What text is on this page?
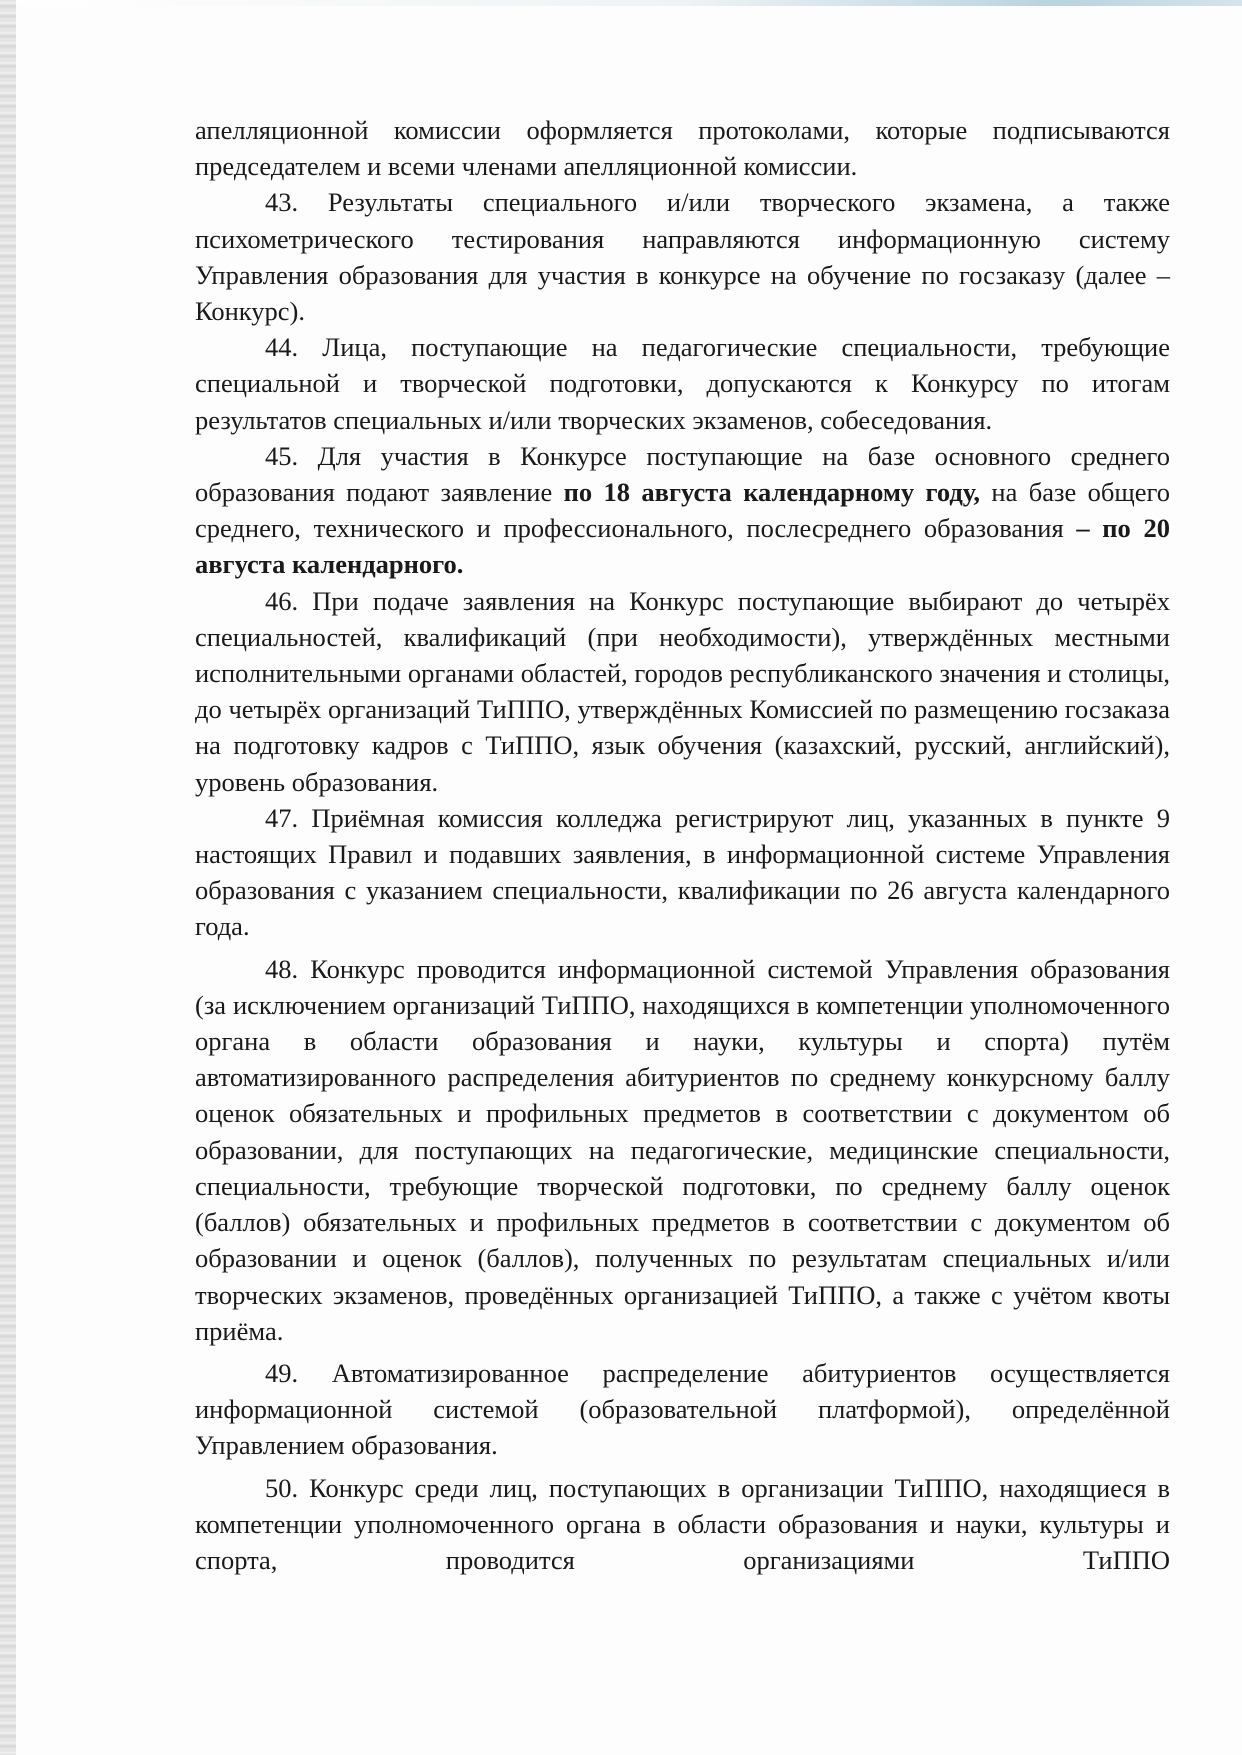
апелляционной комиссии оформляется протоколами, которые подписываются председателем и всеми членами апелляционной комиссии.

43. Результаты специального и/или творческого экзамена, а также психометрического тестирования направляются информационную систему Управления образования для участия в конкурсе на обучение по госзаказу (далее – Конкурс).

44. Лица, поступающие на педагогические специальности, требующие специальной и творческой подготовки, допускаются к Конкурсу по итогам результатов специальных и/или творческих экзаменов, собеседования.

45. Для участия в Конкурсе поступающие на базе основного среднего образования подают заявление по 18 августа календарному году, на базе общего среднего, технического и профессионального, послесреднего образования – по 20 августа календарного.

46. При подаче заявления на Конкурс поступающие выбирают до четырёх специальностей, квалификаций (при необходимости), утверждённых местными исполнительными органами областей, городов республиканского значения и столицы, до четырёх организаций ТиППО, утверждённых Комиссией по размещению госзаказа на подготовку кадров с ТиППО, язык обучения (казахский, русский, английский), уровень образования.

47. Приёмная комиссия колледжа регистрируют лиц, указанных в пункте 9 настоящих Правил и подавших заявления, в информационной системе Управления образования с указанием специальности, квалификации по 26 августа календарного года.

48. Конкурс проводится информационной системой Управления образования (за исключением организаций ТиППО, находящихся в компетенции уполномоченного органа в области образования и науки, культуры и спорта) путём автоматизированного распределения абитуриентов по среднему конкурсному баллу оценок обязательных и профильных предметов в соответствии с документом об образовании, для поступающих на педагогические, медицинские специальности, специальности, требующие творческой подготовки, по среднему баллу оценок (баллов) обязательных и профильных предметов в соответствии с документом об образовании и оценок (баллов), полученных по результатам специальных и/или творческих экзаменов, проведённых организацией ТиППО, а также с учётом квоты приёма.

49. Автоматизированное распределение абитуриентов осуществляется информационной системой (образовательной платформой), определённой Управлением образования.

50. Конкурс среди лиц, поступающих в организации ТиППО, находящиеся в компетенции уполномоченного органа в области образования и науки, культуры и спорта, проводится организациями ТиППО
